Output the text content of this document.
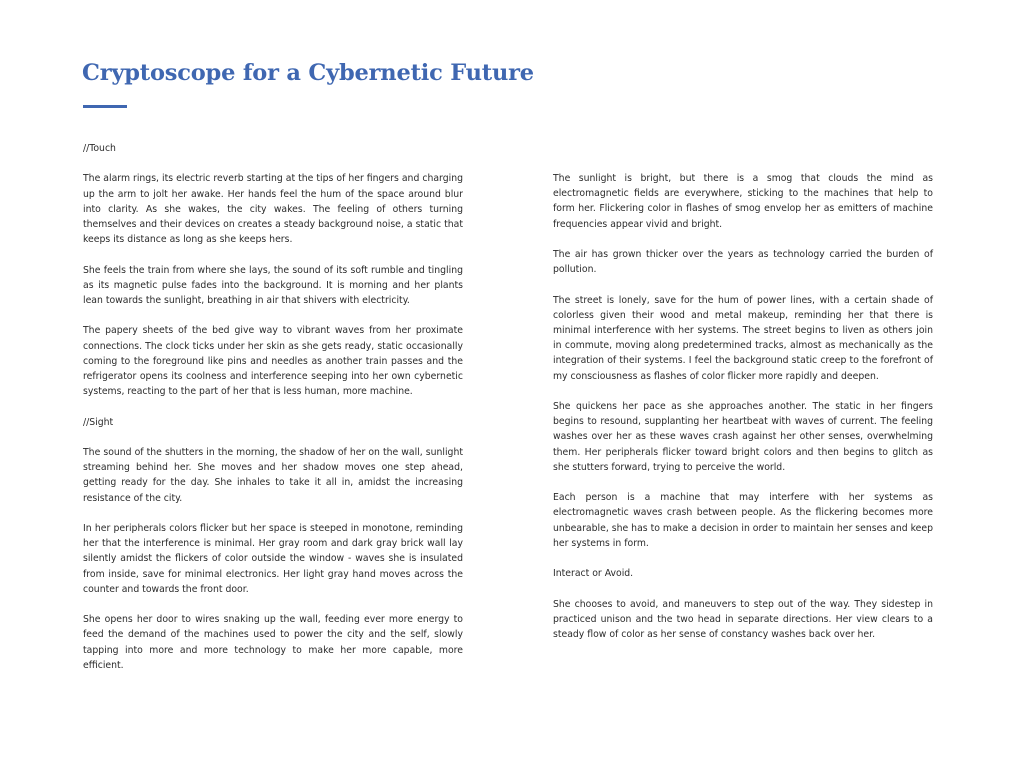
Cryptoscope for a Cybernetic Future

//Touch

The alarm rings, its electric reverb starting at the tips of her fingers and charging up the arm to jolt her awake. Her hands feel the hum of the space around blur into clarity. As she wakes, the city wakes. The feeling of others turning themselves and their devices on creates a steady background noise, a static that keeps its distance as long as she keeps hers.

She feels the train from where she lays, the sound of its soft rumble and tingling as its magnetic pulse fades into the background. It is morning and her plants lean towards the sunlight, breathing in air that shivers with electricity.

The papery sheets of the bed give way to vibrant waves from her proximate connections. The clock ticks under her skin as she gets ready, static occasionally coming to the foreground like pins and needles as another train passes and the refrigerator opens its coolness and interference seeping into her own cybernetic systems, reacting to the part of her that is less human, more machine.

//Sight

The sound of the shutters in the morning, the shadow of her on the wall, sunlight streaming behind her. She moves and her shadow moves one step ahead, getting ready for the day. She inhales to take it all in, amidst the increasing resistance of the city.

In her peripherals colors flicker but her space is steeped in monotone, reminding her that the interference is minimal. Her gray room and dark gray brick wall lay silently amidst the flickers of color outside the window - waves she is insulated from inside, save for minimal electronics. Her light gray hand moves across the counter and towards the front door.

She opens her door to wires snaking up the wall, feeding ever more energy to feed the demand of the machines used to power the city and the self, slowly tapping into more and more technology to make her more capable, more efficient.

The sunlight is bright, but there is a smog that clouds the mind as electromagnetic fields are everywhere, sticking to the machines that help to form her. Flickering color in flashes of smog envelop her as emitters of machine frequencies appear vivid and bright.

The air has grown thicker over the years as technology carried the burden of pollution.

The street is lonely, save for the hum of power lines, with a certain shade of colorless given their wood and metal makeup, reminding her that there is minimal interference with her systems. The street begins to liven as others join in commute, moving along predetermined tracks, almost as mechanically as the integration of their systems. I feel the background static creep to the forefront of my consciousness as flashes of color flicker more rapidly and deepen.

She quickens her pace as she approaches another. The static in her fingers begins to resound, supplanting her heartbeat with waves of current. The feeling washes over her as these waves crash against her other senses, overwhelming them. Her peripherals flicker toward bright colors and then begins to glitch as she stutters forward, trying to perceive the world.

Each person is a machine that may interfere with her systems as electromagnetic waves crash between people. As the flickering becomes more unbearable, she has to make a decision in order to maintain her senses and keep her systems in form.

Interact or Avoid.

She chooses to avoid, and maneuvers to step out of the way. They sidestep in practiced unison and the two head in separate directions. Her view clears to a steady flow of color as her sense of constancy washes back over her.
